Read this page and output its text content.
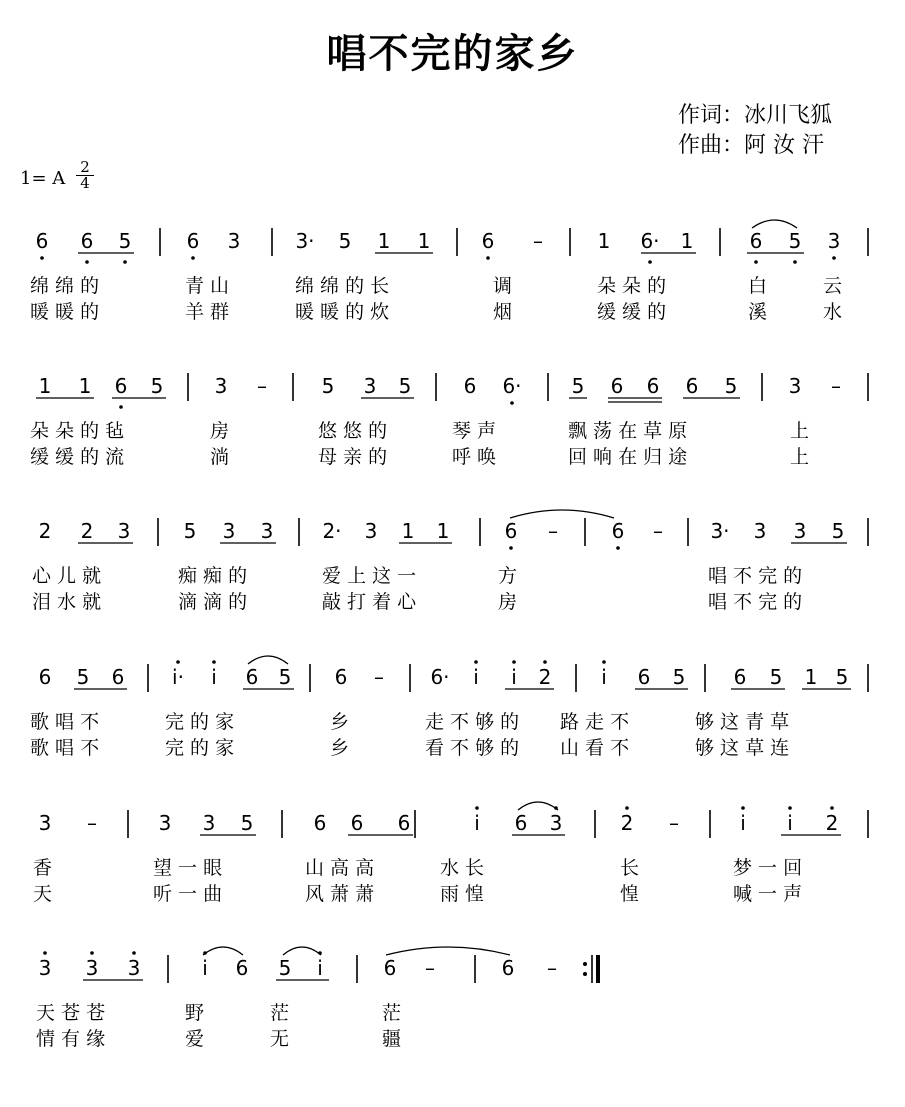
唱不完的家乡
作词：冰川飞狐
作曲：阿 汝 汗
1= A
2
4
6 6 5	6 3	3· 5 1 1	6 –	1 6· 1	6 5 3
1 1 6 5	3 –	5 3 5	6 6·	5 6 6 6 5	3 –
2 2 3	5 3 3 2· 3 1 1	6 –	6 – 3· 3 3 5
6 5 6 i· i 6 5 6 – 6· i i 2 i 6 5 6 5 1 5
3 –	3 3 5	6 6 6	i 6 3	2 –	i i 2
3 3 3	i 6 5 i	6 –	6 –
绵 绵 的	青 山	绵 绵 的 长	调	朵 朵 的	白	云
暖 暖 的	羊 群	暖 暖 的 炊	烟	缓 缓 的	溪	水
朵 朵 的 毡	房	悠 悠 的	琴 声	飘 荡 在 草 原	上
缓 缓 的 流	淌	母 亲 的	呼 唤	回 响 在 归 途	上
心 儿 就	痴 痴 的	爱 上 这 一	方	唱 不 完 的
泪 水 就	滴 滴 的	敲 打 着 心	房	唱 不 完 的
歌 唱 不	完 的 家	乡	走 不 够 的 路 走 不	够 这 青 草
歌 唱 不	完 的 家	乡	看 不 够 的 山 看 不	够 这 草 连
香	望 一 眼	山 高 高	水 长	长	梦 一 回
天	听 一 曲	风 萧 萧	雨 惶	惶	喊 一 声
天 苍 苍	野	茫	茫
情 有 缘	爱	无	疆
